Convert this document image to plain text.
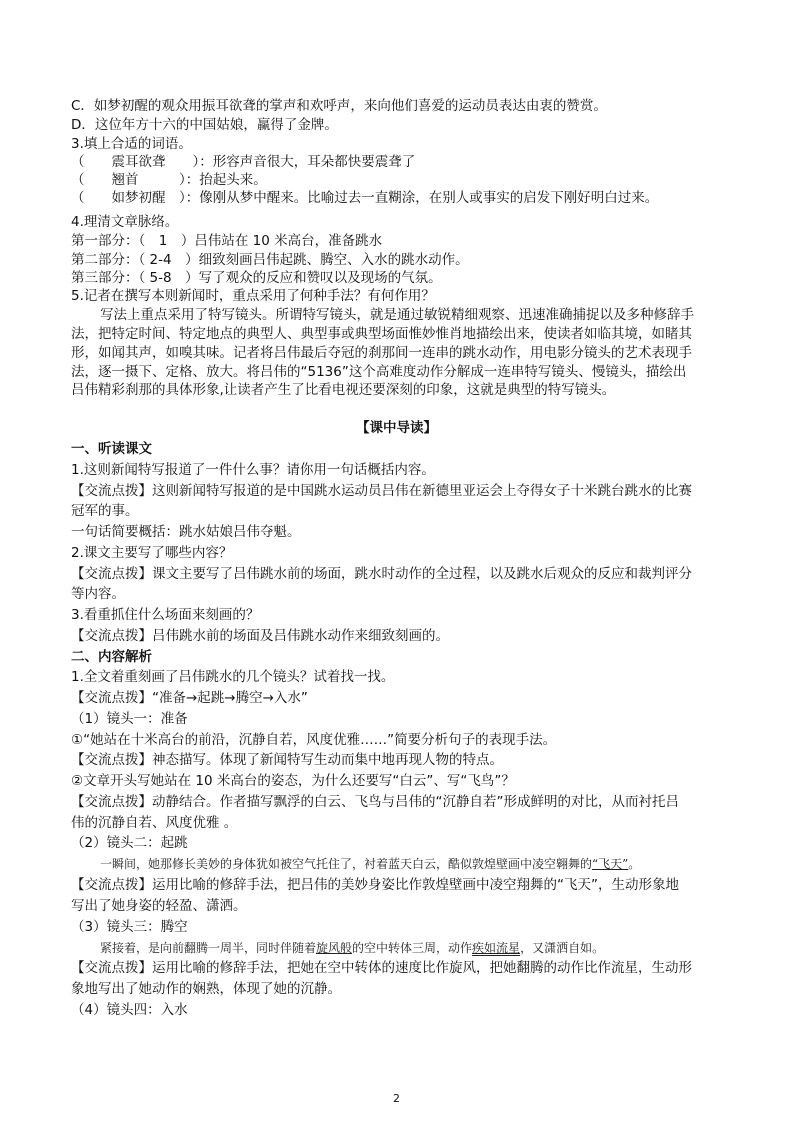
C．如梦初醒的观众用振耳欲聋的掌声和欢呼声，来向他们喜爱的运动员表达由衷的赞赏。
D．这位年方十六的中国姑娘，赢得了金牌。
3.填上合适的词语。
（　　震耳欲聋　　）：形容声音很大，耳朵都快要震聋了
（　　翘首　　　）：抬起头来。
（　　如梦初醒　）：像刚从梦中醒来。比喻过去一直糊涂，在别人或事实的启发下刚好明白过来。
4.理清文章脉络。
第一部分：（　1　）吕伟站在 10 米高台，准备跳水
第二部分：（ 2-4　）细致刻画吕伟起跳、腾空、入水的跳水动作。
第三部分：（ 5-8　）写了观众的反应和赞叹以及现场的气氛。
5.记者在撰写本则新闻时，重点采用了何种手法？有何作用？
写法上重点采用了特写镜头。所谓特写镜头，就是通过敏锐精细观察、迅速准确捕捉以及多种修辞手
法，把特定时间、特定地点的典型人、典型事或典型场面惟妙惟肖地描绘出来，使读者如临其境，如睹其
形，如闻其声，如嗅其味。记者将吕伟最后夺冠的刹那间一连串的跳水动作，用电影分镜头的艺术表现手
法，逐一摄下、定格、放大。将吕伟的“5136”这个高难度动作分解成一连串特写镜头、慢镜头，描绘出
吕伟精彩刹那的具体形象,让读者产生了比看电视还要深刻的印象，这就是典型的特写镜头。
【课中导读】
一、听读课文
1.这则新闻特写报道了一件什么事？请你用一句话概括内容。
【交流点拨】这则新闻特写报道的是中国跳水运动员吕伟在新德里亚运会上夺得女子十米跳台跳水的比赛
冠军的事。
一句话简要概括：跳水姑娘吕伟夺魁。
2.课文主要写了哪些内容？
【交流点拨】课文主要写了吕伟跳水前的场面，跳水时动作的全过程，以及跳水后观众的反应和裁判评分
等内容。
3.看重抓住什么场面来刻画的？
【交流点拨】吕伟跳水前的场面及吕伟跳水动作来细致刻画的。
二、内容解析
1.全文着重刻画了吕伟跳水的几个镜头？试着找一找。
【交流点拨】“准备→起跳→腾空→入水”
（1）镜头一：准备
①“她站在十米高台的前沿，沉静自若，风度优雅……”简要分析句子的表现手法。
【交流点拨】神态描写。体现了新闻特写生动而集中地再现人物的特点。
②文章开头写她站在 10 米高台的姿态，为什么还要写“白云”、写“飞鸟”？
【交流点拨】动静结合。作者描写飘浮的白云、飞鸟与吕伟的“沉静自若”形成鲜明的对比，从而衬托吕
伟的沉静自若、风度优雅 。
（2）镜头二：起跳
一瞬间，她那修长美妙的身体犹如被空气托住了，衬着蓝天白云，酷似敦煌壁画中凌空翱舞的“飞天”。
【交流点拨】运用比喻的修辞手法，把吕伟的美妙身姿比作敦煌壁画中凌空翔舞的“飞天”，生动形象地
写出了她身姿的轻盈、潇洒。
（3）镜头三：腾空
紧接着，是向前翻腾一周半，同时伴随着旋风般的空中转体三周，动作疾如流星，又潇洒自如。
【交流点拨】运用比喻的修辞手法，把她在空中转体的速度比作旋风，把她翻腾的动作比作流星，生动形
象地写出了她动作的娴熟，体现了她的沉静。
（4）镜头四：入水
2
